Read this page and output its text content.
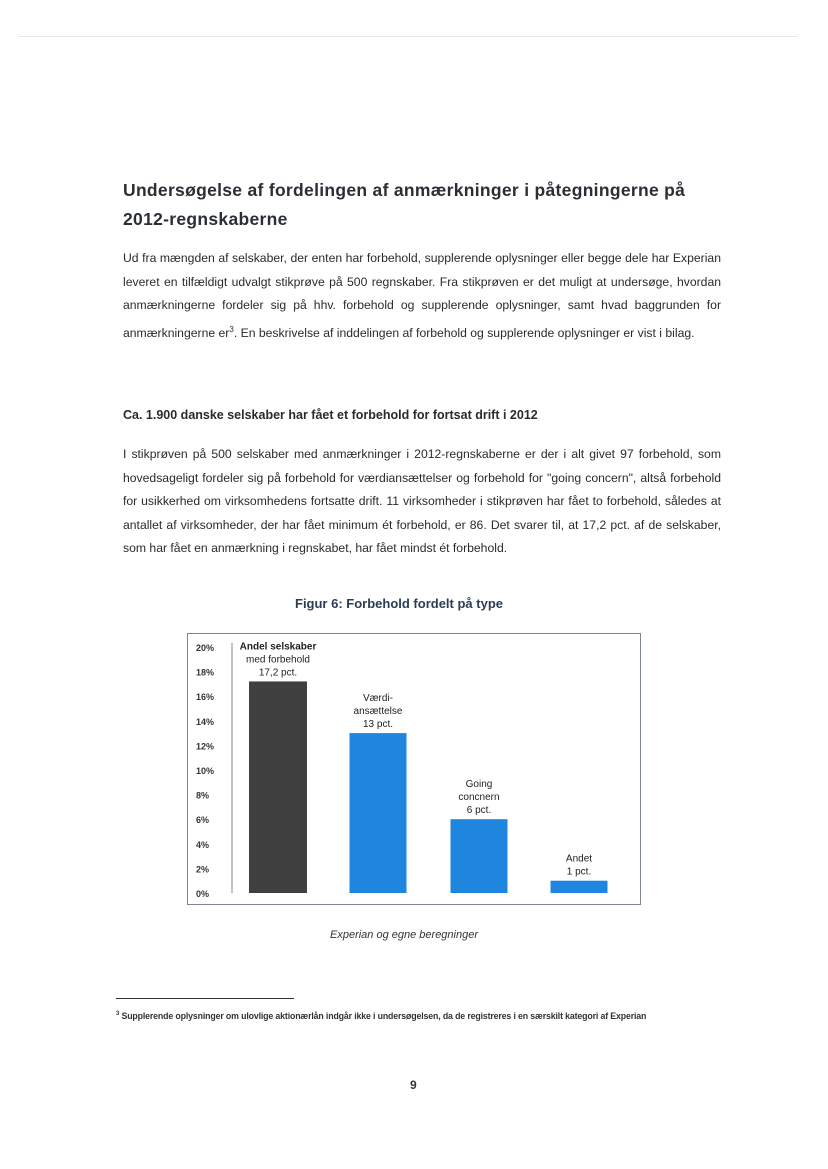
Undersøgelse af fordelingen af anmærkninger i påtegningerne på 2012-regnskaberne
Ud fra mængden af selskaber, der enten har forbehold, supplerende oplysninger eller begge dele har Experian leveret en tilfældigt udvalgt stikprøve på 500 regnskaber. Fra stikprøven er det muligt at undersøge, hvordan anmærkningerne fordeler sig på hhv. forbehold og supplerende oplysninger, samt hvad baggrunden for anmærkningerne $er^3$. En beskrivelse af inddelingen af forbehold og supplerende oplysninger er vist i bilag.
Ca. 1.900 danske selskaber har fået et forbehold for fortsat drift i 2012
I stikprøven på 500 selskaber med anmærkninger i 2012-regnskaberne er der i alt givet 97 forbehold, som hovedsageligt fordeler sig på forbehold for værdiansættelser og forbehold for "going concern", altså forbehold for usikkerhed om virksomhedens fortsatte drift. 11 virksomheder i stikprøven har fået to forbehold, således at antallet af virksomheder, der har fået minimum ét forbehold, er 86. Det svarer til, at 17,2 pct. af de selskaber, som har fået en anmærkning i regnskabet, har fået mindst ét forbehold.
Figur 6: Forbehold fordelt på type
0%
2%
4%
6%
8%
10%
12%
14%
16%
18%
20%	Andel selskaber
med forbehold
17,2 pct.
Værdi-
ansættelse
13 pct.
Going
concnern
6 pct.
Andet
1 pct.
Experian og egne beregninger
$^3$ Supplerende oplysninger om ulovlige aktionærlån indgår ikke i undersøgelsen, da de registreres i en særskilt kategori af Experian
9
